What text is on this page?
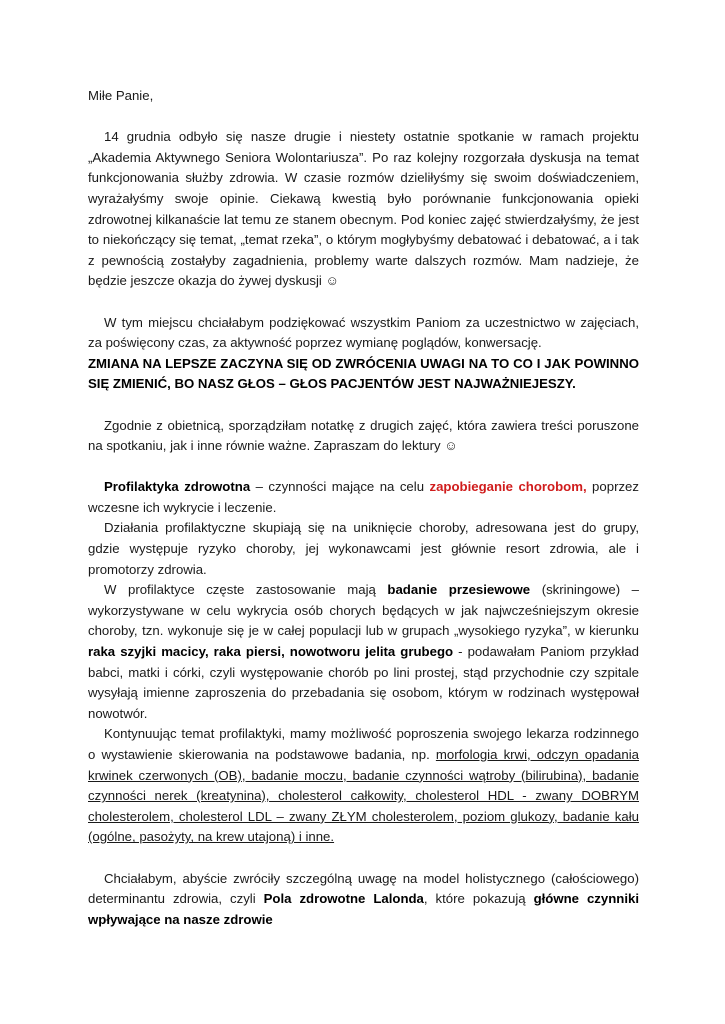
Miłe Panie,

14 grudnia odbyło się nasze drugie i niestety ostatnie spotkanie w ramach projektu „Akademia Aktywnego Seniora Wolontariusza”. Po raz kolejny rozgorzała dyskusja na temat funkcjonowania służby zdrowia. W czasie rozmów dzieliłyśmy się swoim doświadczeniem, wyrażałyśmy swoje opinie. Ciekawą kwestią było porównanie funkcjonowania opieki zdrowotnej kilkanaście lat temu ze stanem obecnym. Pod koniec zajęć stwierdzałyśmy, że jest to niekończący się temat, „temat rzeka”, o którym mogłybyśmy debatować i debatować, a i tak z pewnością zostałyby zagadnienia, problemy warte dalszych rozmów. Mam nadzieje, że będzie jeszcze okazja do żywej dyskusji ☺

W tym miejscu chciałabym podziękować wszystkim Paniom za uczestnictwo w zajęciach, za poświęcony czas, za aktywność poprzez wymianę poglądów, konwersację.

ZMIANA NA LEPSZE ZACZYNA SIĘ OD ZWRÓCENIA UWAGI NA TO CO I JAK POWINNO SIĘ ZMIENIĆ, BO NASZ GŁOS – GŁOS PACJENTÓW JEST NAJWAŻNIEJESZY.

Zgodnie z obietnicą, sporządziłam notatkę z drugich zajęć, która zawiera treści poruszone na spotkaniu, jak i inne równie ważne. Zapraszam do lektury ☺

Profilaktyka zdrowotna – czynności mające na celu zapobieganie chorobom, poprzez wczesne ich wykrycie i leczenie.

Działania profilaktyczne skupiają się na uniknięcie choroby, adresowana jest do grupy, gdzie występuje ryzyko choroby, jej wykonawcami jest głównie resort zdrowia, ale i promotorzy zdrowia.

W profilaktyce częste zastosowanie mają badanie przesiewowe (skriningowe) – wykorzystywane w celu wykrycia osób chorych będących w jak najwcześniejszym okresie choroby, tzn. wykonuje się je w całej populacji lub w grupach „wysokiego ryzyka”, w kierunku raka szyjki macicy, raka piersi, nowotworu jelita grubego - podawałam Paniom przykład babci, matki i córki, czyli występowanie chorób po lini prostej, stąd przychodnie czy szpitale wysyłają imienne zaproszenia do przebadania się osobom, którym w rodzinach występował nowotwór.

Kontynuując temat profilaktyki, mamy możliwość poproszenia swojego lekarza rodzinnego o wystawienie skierowania na podstawowe badania, np. morfologia krwi, odczyn opadania krwinek czerwonych (OB), badanie moczu, badanie czynności wątroby (bilirubina), badanie czynności nerek (kreatynina), cholesterol całkowity, cholesterol HDL - zwany DOBRYM cholesterolem, cholesterol LDL – zwany ZŁYM cholesterolem, poziom glukozy, badanie kału (ogólne, pasożyty, na krew utajoną) i inne.

Chciałabym, abyście zwróciły szczególną uwagę na model holistycznego (całościowego) determinantu zdrowia, czyli Pola zdrowotne Lalonda, które pokazują główne czynniki wpływające na nasze zdrowie
